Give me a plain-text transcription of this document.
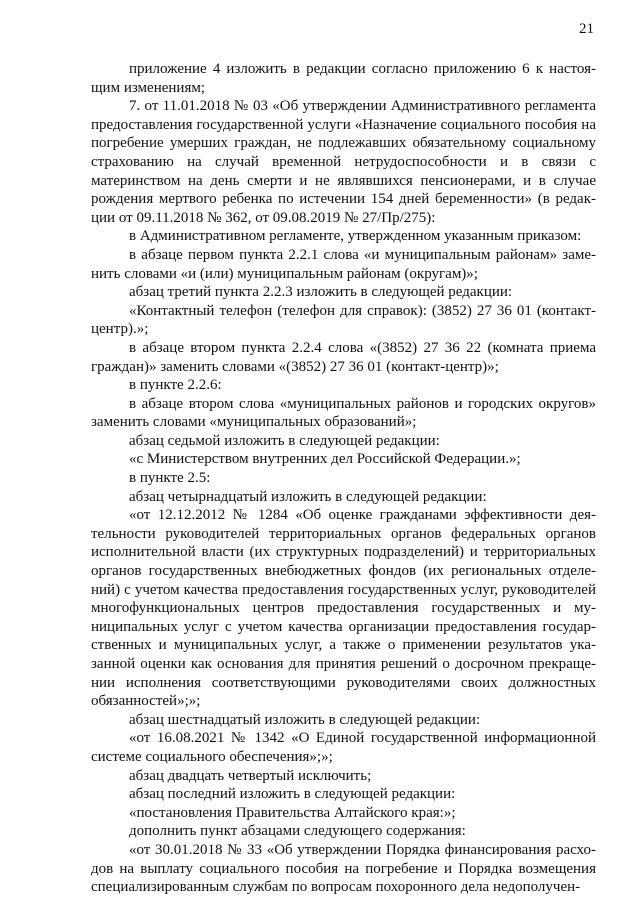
21

приложение 4 изложить в редакции согласно приложению 6 к настоящим изменениям;

7. от 11.01.2018 № 03 «Об утверждении Административного регламента предоставления государственной услуги «Назначение социального пособия на погребение умерших граждан, не подлежавших обязательному социальному страхованию на случай временной нетрудоспособности и в связи с материнством на день смерти и не являвшихся пенсионерами, и в случае рождения мертвого ребенка по истечении 154 дней беременности» (в редакции от 09.11.2018 № 362, от 09.08.2019 № 27/Пр/275):

в Административном регламенте, утвержденном указанным приказом:

в абзаце первом пункта 2.2.1 слова «и муниципальным районам» заменить словами «и (или) муниципальным районам (округам)»;

абзац третий пункта 2.2.3 изложить в следующей редакции:

«Контактный телефон (телефон для справок): (3852) 27 36 01 (контакт-центр).»;

в абзаце втором пункта 2.2.4 слова «(3852) 27 36 22 (комната приема граждан)» заменить словами «(3852) 27 36 01 (контакт-центр)»;

в пункте 2.2.6:

в абзаце втором слова «муниципальных районов и городских округов» заменить словами «муниципальных образований»;

абзац седьмой изложить в следующей редакции:

«с Министерством внутренних дел Российской Федерации.»;

в пункте 2.5:

абзац четырнадцатый изложить в следующей редакции:

«от 12.12.2012 № 1284 «Об оценке гражданами эффективности деятельности руководителей территориальных органов федеральных органов исполнительной власти (их структурных подразделений) и территориальных органов государственных внебюджетных фондов (их региональных отделений) с учетом качества предоставления государственных услуг, руководителей многофункциональных центров предоставления государственных и муниципальных услуг с учетом качества организации предоставления государственных и муниципальных услуг, а также о применении результатов указанной оценки как основания для принятия решений о досрочном прекращении исполнения соответствующими руководителями своих должностных обязанностей»;»;

абзац шестнадцатый изложить в следующей редакции:

«от 16.08.2021 № 1342 «О Единой государственной информационной системе социального обеспечения»;»;

абзац двадцать четвертый исключить;

абзац последний изложить в следующей редакции:

«постановления Правительства Алтайского края:»;

дополнить пункт абзацами следующего содержания:

«от 30.01.2018 № 33 «Об утверждении Порядка финансирования расходов на выплату социального пособия на погребение и Порядка возмещения специализированным службам по вопросам похоронного дела недополучен-
